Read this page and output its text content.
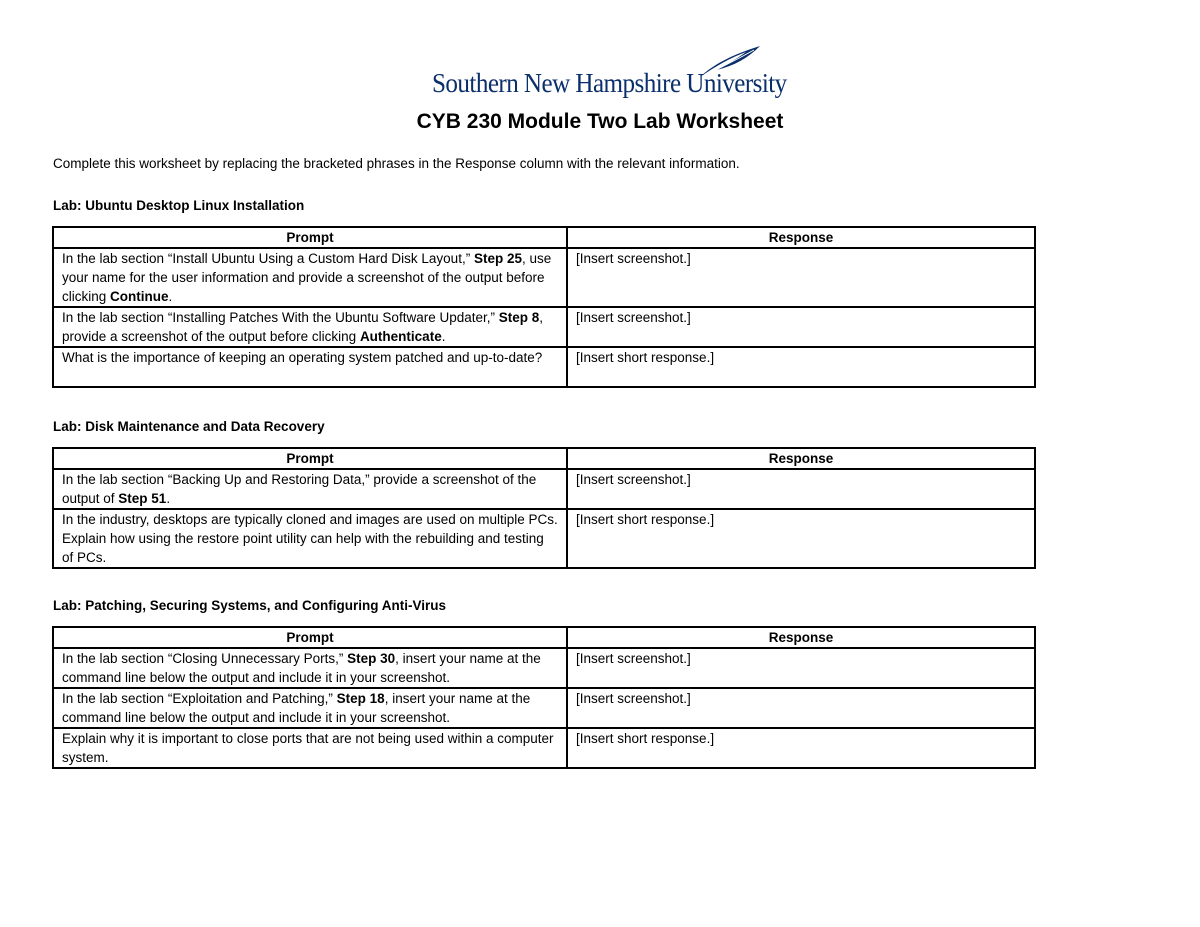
Southern New Hampshire University
CYB 230 Module Two Lab Worksheet
Complete this worksheet by replacing the bracketed phrases in the Response column with the relevant information.
Lab: Ubuntu Desktop Linux Installation
Prompt	Response
In the lab section “Install Ubuntu Using a Custom Hard Disk Layout,” Step 25, use your name for the user information and provide a screenshot of the output before clicking Continue.	[Insert screenshot.]
In the lab section “Installing Patches With the Ubuntu Software Updater,” Step 8, provide a screenshot of the output before clicking Authenticate.	[Insert screenshot.]
What is the importance of keeping an operating system patched and up-to-date?	[Insert short response.]
Lab: Disk Maintenance and Data Recovery
Prompt	Response
In the lab section “Backing Up and Restoring Data,” provide a screenshot of the output of Step 51.	[Insert screenshot.]
In the industry, desktops are typically cloned and images are used on multiple PCs. Explain how using the restore point utility can help with the rebuilding and testing of PCs.	[Insert short response.]
Lab: Patching, Securing Systems, and Configuring Anti-Virus
Prompt	Response
In the lab section “Closing Unnecessary Ports,” Step 30, insert your name at the command line below the output and include it in your screenshot.	[Insert screenshot.]
In the lab section “Exploitation and Patching,” Step 18, insert your name at the command line below the output and include it in your screenshot.	[Insert screenshot.]
Explain why it is important to close ports that are not being used within a computer system.	[Insert short response.]
